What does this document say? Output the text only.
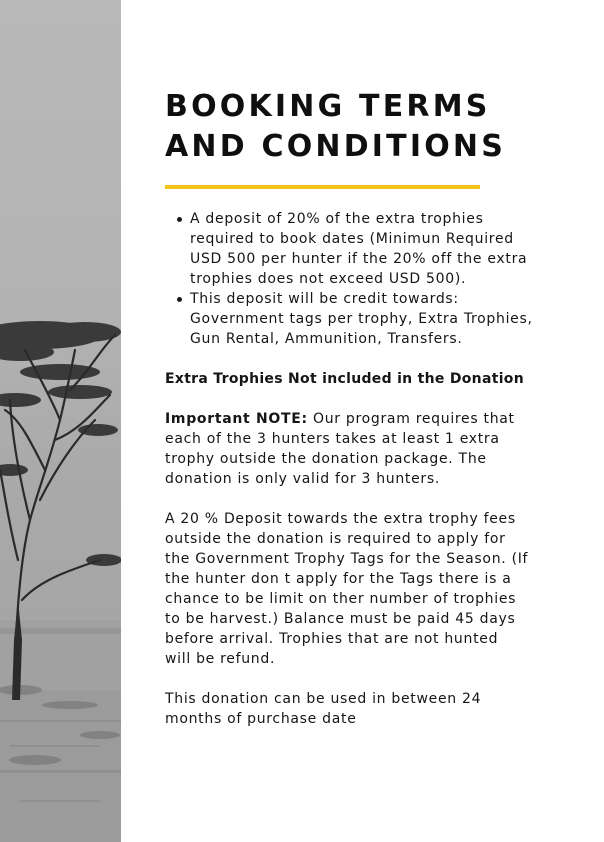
BOOKING TERMS
AND CONDITIONS
A deposit of 20% of the extra trophies
required to book dates (Minimun Required
USD 500 per hunter if the 20% off the extra
trophies does not exceed USD 500).
This deposit will be credit towards:
Government tags per trophy, Extra Trophies,
Gun Rental, Ammunition, Transfers.

Extra Trophies Not included in the Donation

Important NOTE: Our program requires that
each of the 3 hunters takes at least 1 extra
trophy outside the donation package. The
donation is only valid for 3 hunters.
A 20 % Deposit towards the extra trophy fees
outside the donation is required to apply for
the Government Trophy Tags for the Season. (If
the hunter don t apply for the Tags there is a
chance to be limit on ther number of trophies
to be harvest.) Balance must be paid 45 days
before arrival. Trophies that are not hunted
will be refund.
This donation can be used in between 24
months of purchase date
